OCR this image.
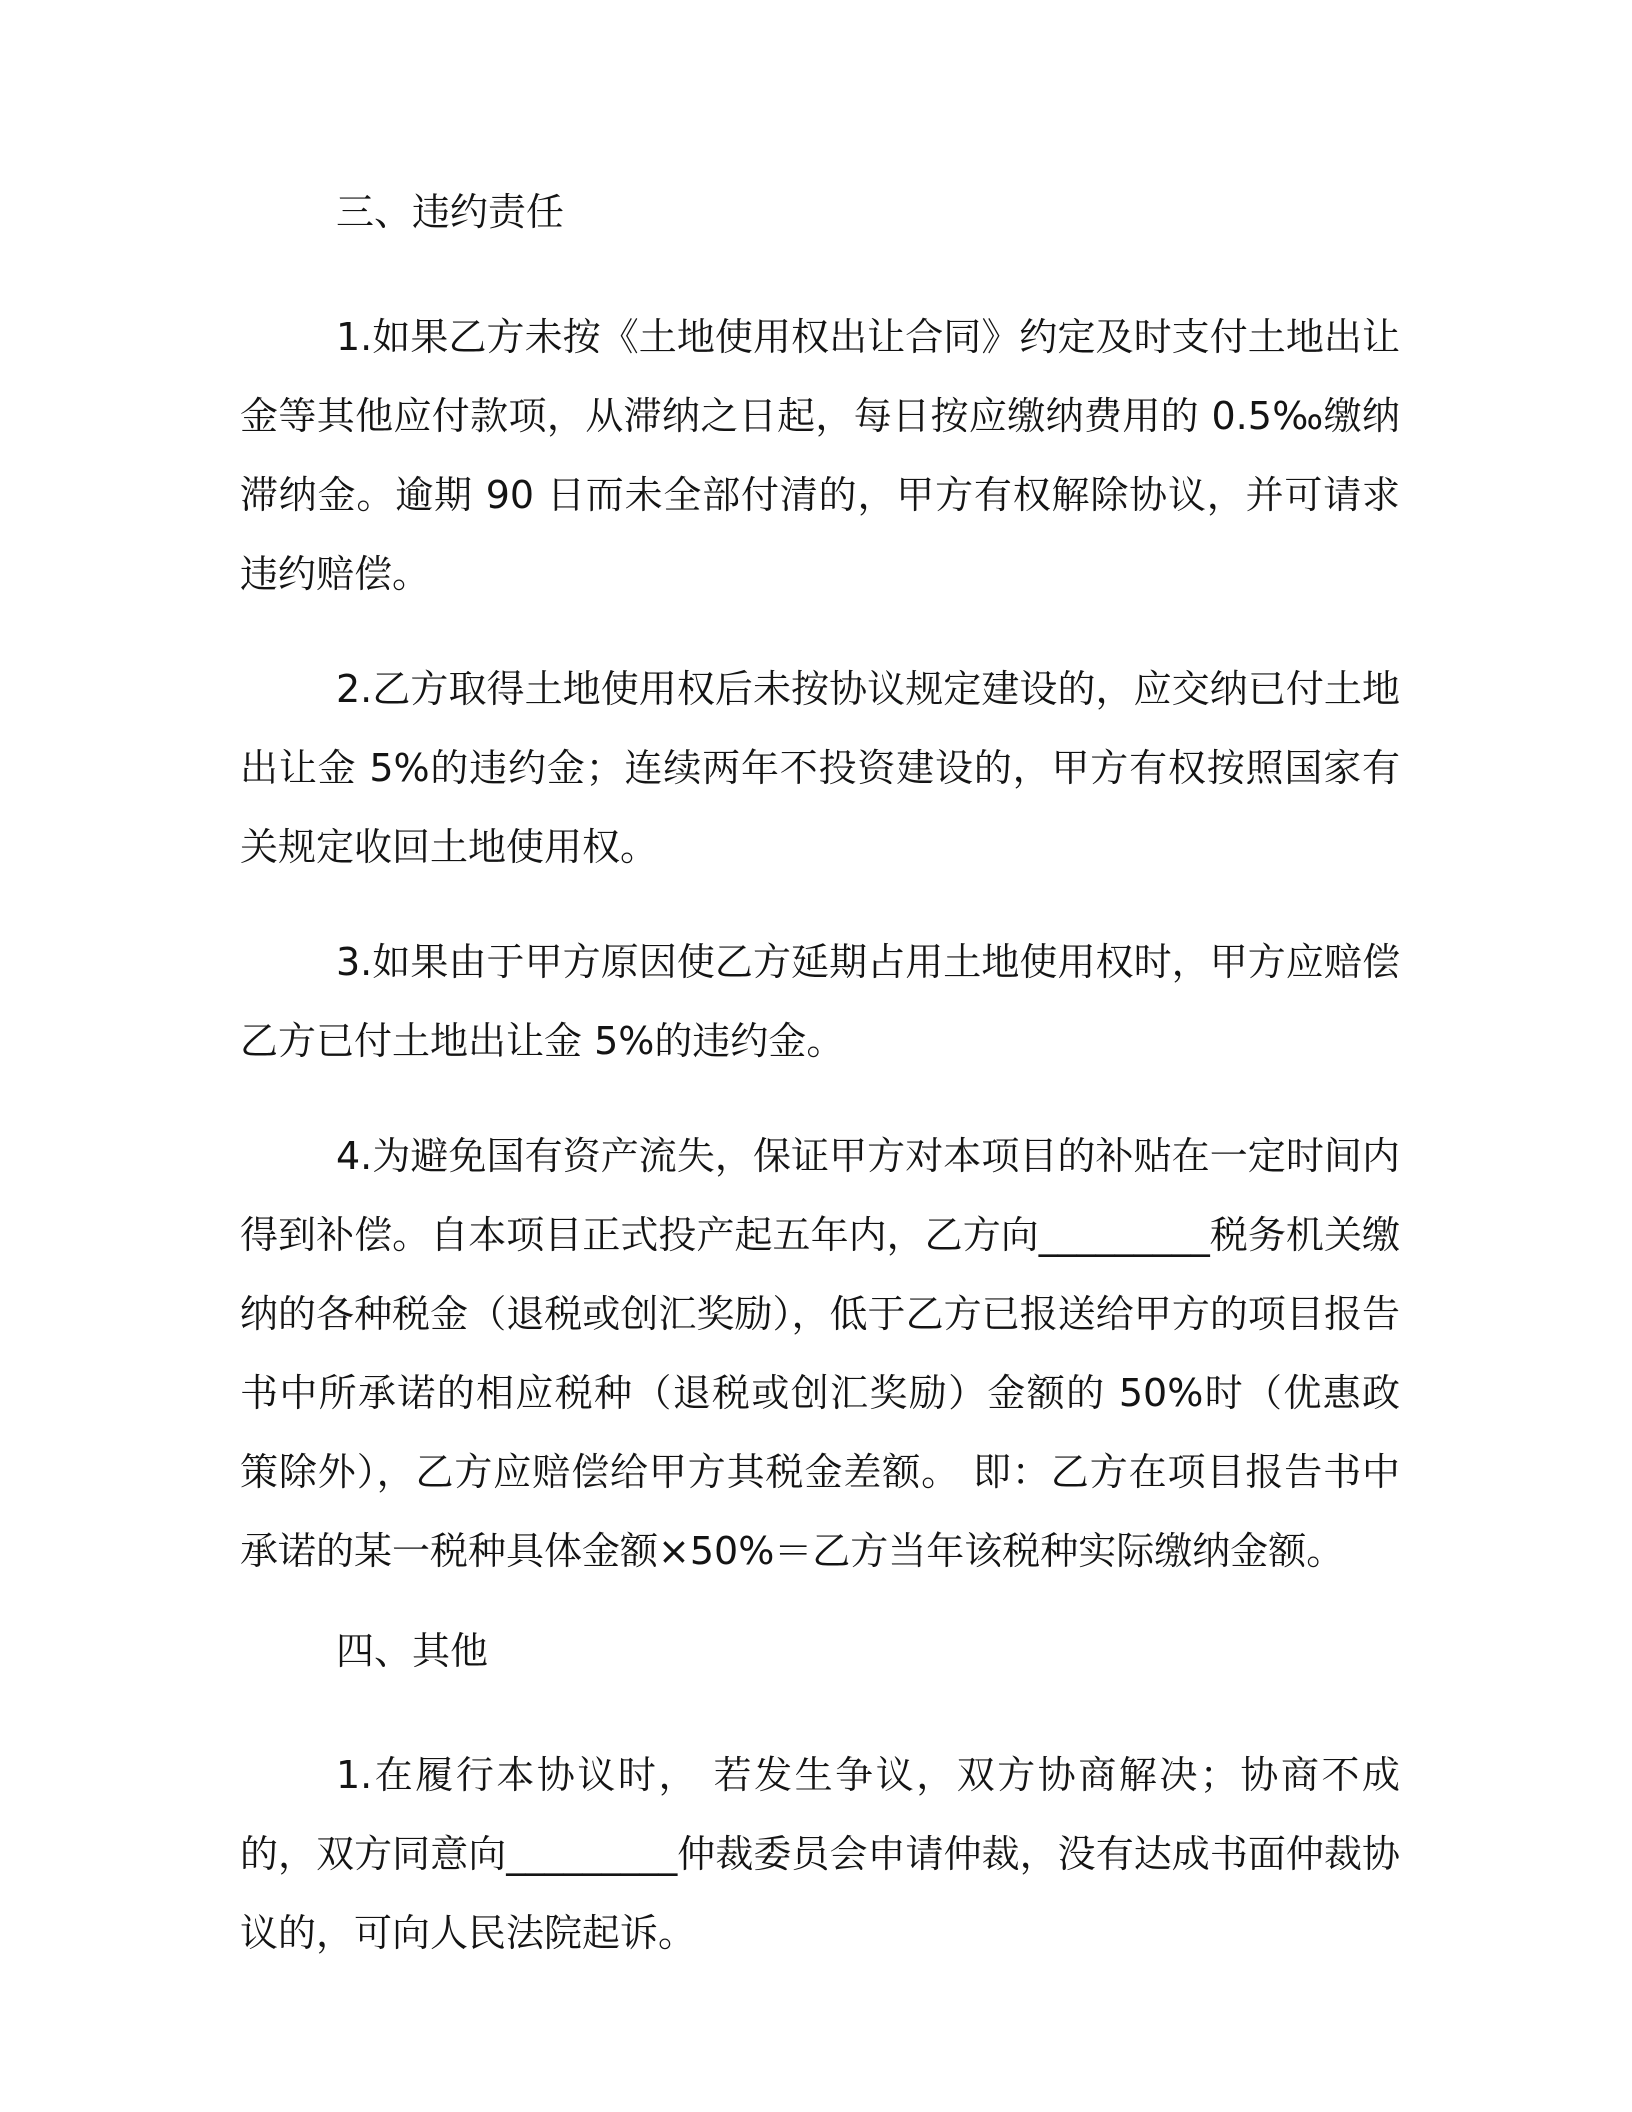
三、违约责任

1.如果乙方未按《土地使用权出让合同》约定及时支付土地出让金等其他应付款项，从滞纳之日起，每日按应缴纳费用的 0.5‰缴纳滞纳金。逾期 90 日而未全部付清的，甲方有权解除协议，并可请求违约赔偿。

2.乙方取得土地使用权后未按协议规定建设的，应交纳已付土地出让金 5%的违约金；连续两年不投资建设的，甲方有权按照国家有关规定收回土地使用权。

3.如果由于甲方原因使乙方延期占用土地使用权时，甲方应赔偿乙方已付土地出让金 5%的违约金。

4.为避免国有资产流失，保证甲方对本项目的补贴在一定时间内得到补偿。自本项目正式投产起五年内，乙方向_________税务机关缴纳的各种税金（退税或创汇奖励），低于乙方已报送给甲方的项目报告书中所承诺的相应税种（退税或创汇奖励）金额的 50%时（优惠政策除外），乙方应赔偿给甲方其税金差额。 即：乙方在项目报告书中承诺的某一税种具体金额×50%＝乙方当年该税种实际缴纳金额。

四、其他

1.在履行本协议时， 若发生争议，双方协商解决；协商不成的，双方同意向_________仲裁委员会申请仲裁，没有达成书面仲裁协议的，可向人民法院起诉。
